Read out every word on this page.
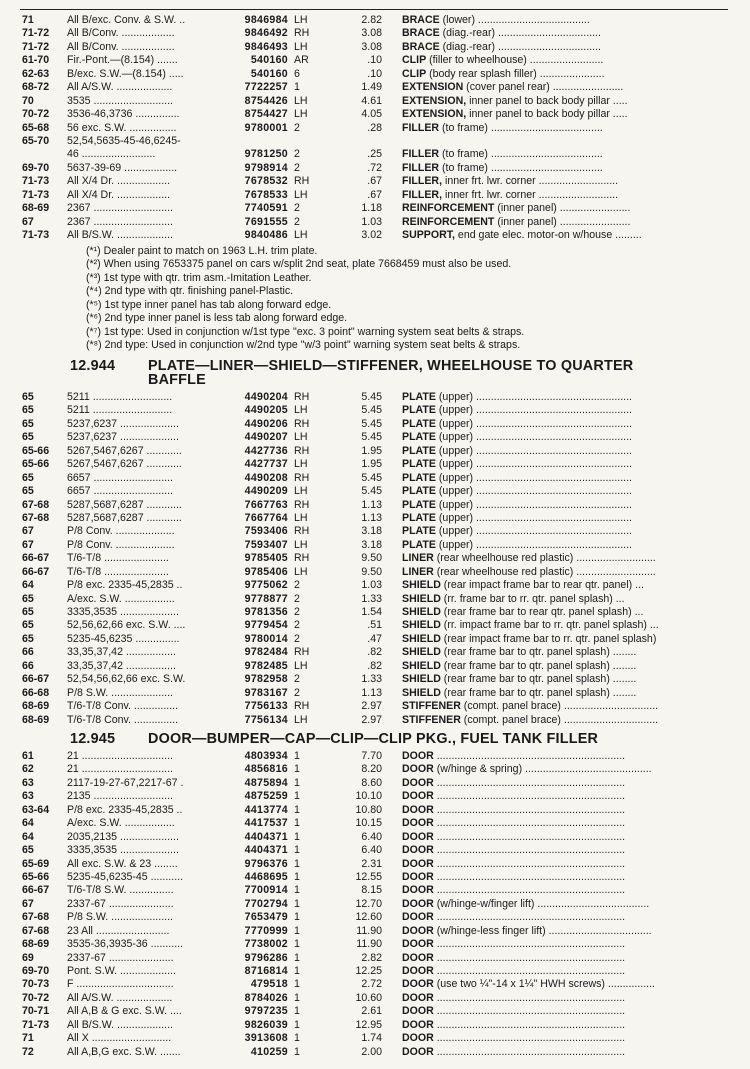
71	All B/exc. Conv. & S.W. ..	9846984 LH	2.82 BRACE (lower) ......................................
71-72 All B/Conv. ..................	9846492 RH	3.08 BRACE (diag.-rear) ...................................
71-72 All B/Conv. ..................	9846493 LH	3.08 BRACE (diag.-rear) ...................................
61-70 Fir.-Pont.—(8.154) .......	540160 AR	.10 CLIP (filler to wheelhouse) .........................
62-63 B/exc. S.W.—(8.154) .....	540160 6	.10 CLIP (body rear splash filler) ......................
68-72 All A/S.W. ...................	7722257 1	1.49 EXTENSION (cover panel rear) ........................
70	3535 ...........................	8754426 LH	4.61 EXTENSION, inner panel to back body pillar .....
70-72 3536-46,3736 ...............	8754427 LH	4.05 EXTENSION, inner panel to back body pillar .....
65-68 56 exc. S.W. ................	9780001 2	.28 FILLER (to frame) ......................................
65-70 52,54,5635-45-46,6245-
46 .........................	9781250 2	.25 FILLER (to frame) ......................................
69-70 5637-39-69 ..................	9798914 2	.72 FILLER (to frame) ......................................
71-73 All X/4 Dr. ..................	7678532 RH	.67 FILLER, inner frt. lwr. corner ...........................
71-73 All X/4 Dr. ..................	7678533 LH	.67 FILLER, inner frt. lwr. corner ...........................
68-69 2367 ...........................	7740591 2	1.18 REINFORCEMENT (inner panel) ........................
67	2367 ...........................	7691555 2	1.03 REINFORCEMENT (inner panel) ........................
71-73 All B/S.W. ...................	9840486 LH	3.02 SUPPORT, end gate elec. motor-on w/house .........
(*¹) Dealer paint to match on 1963 L.H. trim plate.
(*²) When using 7653375 panel on cars w/split 2nd seat, plate 7668459 must also be used.
(*³) 1st type with qtr. trim asm.-Imitation Leather.
(*⁴) 2nd type with qtr. finishing panel-Plastic.
(*⁵) 1st type inner panel has tab along forward edge.
(*⁶) 2nd type inner panel is less tab along forward edge.
(*⁷) 1st type: Used in conjunction w/1st type "exc. 3 point" warning system seat belts & straps.
(*⁸) 2nd type: Used in conjunction w/2nd type "w/3 point" warning system seat belts & straps.
12.944 PLATE—LINER—SHIELD—STIFFENER, WHEELHOUSE TO QUARTER
BAFFLE
65	5211 ...........................	4490204 RH	5.45 PLATE (upper) .....................................................
65	5211 ...........................	4490205 LH	5.45 PLATE (upper) .....................................................
65	5237,6237 ....................	4490206 RH	5.45 PLATE (upper) .....................................................
65	5237,6237 ....................	4490207 LH	5.45 PLATE (upper) .....................................................
65-66 5267,5467,6267 ............	4427736 RH	1.95 PLATE (upper) .....................................................
65-66 5267,5467,6267 ............	4427737 LH	1.95 PLATE (upper) .....................................................
65	6657 ...........................	4490208 RH	5.45 PLATE (upper) .....................................................
65	6657 ...........................	4490209 LH	5.45 PLATE (upper) .....................................................
67-68 5287,5687,6287 ............	7667763 RH	1.13 PLATE (upper) .....................................................
67-68 5287,5687,6287 ............	7667764 LH	1.13 PLATE (upper) .....................................................
67	P/8 Conv. ....................	7593406 RH	3.18 PLATE (upper) .....................................................
67	P/8 Conv. ....................	7593407 LH	3.18 PLATE (upper) .....................................................
66-67 T/6-T/8 ......................	9785405 RH	9.50 LINER (rear wheelhouse red plastic) ...........................
66-67 T/6-T/8 ......................	9785406 LH	9.50 LINER (rear wheelhouse red plastic) ...........................
64	P/8 exc. 2335-45,2835 ..	9775062 2	1.03 SHIELD (rear impact frame bar to rear qtr. panel) ...
65	A/exc. S.W. .................	9778877 2	1.33 SHIELD (rr. frame bar to rr. qtr. panel splash) ...
65	3335,3535 ....................	9781356 2	1.54 SHIELD (rear frame bar to rear qtr. panel splash) ...
65	52,56,62,66 exc. S.W. ....	9779454 2	.51 SHIELD (rr. impact frame bar to rr. qtr. panel splash) ...
65	5235-45,6235 ...............	9780014 2	.47 SHIELD (rear impact frame bar to rr. qtr. panel splash)
66	33,35,37,42 .................	9782484 RH	.82 SHIELD (rear frame bar to qtr. panel splash) ........
66	33,35,37,42 .................	9782485 LH	.82 SHIELD (rear frame bar to qtr. panel splash) ........
66-67 52,54,56,62,66 exc. S.W.	9782958 2	1.33 SHIELD (rear frame bar to qtr. panel splash) ........
66-68 P/8 S.W. .....................	9783167 2	1.13 SHIELD (rear frame bar to qtr. panel splash) ........
68-69 T/6-T/8 Conv. ...............	7756133 RH	2.97 STIFFENER (compt. panel brace) ................................
68-69 T/6-T/8 Conv. ...............	7756134 LH	2.97 STIFFENER (compt. panel brace) ................................
12.945 DOOR—BUMPER—CAP—CLIP—CLIP PKG., FUEL TANK FILLER
61	21 ...............................	4803934 1	7.70 DOOR ................................................................
62	21 ...............................	4856816 1	8.20 DOOR (w/hinge & spring) ...........................................
63	2117-19-27-67,2217-67 .	4875894 1	8.60 DOOR ................................................................
63	2135 ...........................	4875259 1	10.10 DOOR ................................................................
63-64 P/8 exc. 2335-45,2835 ..	4413774 1	10.80 DOOR ................................................................
64	A/exc. S.W. .................	4417537 1	10.15 DOOR ................................................................
64	2035,2135 ....................	4404371 1	6.40 DOOR ................................................................
65	3335,3535 ....................	4404371 1	6.40 DOOR ................................................................
65-69 All exc. S.W. & 23 ........	9796376 1	2.31 DOOR ................................................................
65-66 5235-45,6235-45 ...........	4468695 1	12.55 DOOR ................................................................
66-67 T/6-T/8 S.W. ...............	7700914 1	8.15 DOOR ................................................................
67	2337-67 ......................	7702794 1	12.70 DOOR (w/hinge-w/finger lift) ......................................
67-68 P/8 S.W. .....................	7653479 1	12.60 DOOR ................................................................
67-68 23 All .........................	7770999 1	11.90 DOOR (w/hinge-less finger lift) ...................................
68-69 3535-36,3935-36 ...........	7738002 1	11.90 DOOR ................................................................
69	2337-67 ......................	9796286 1	2.82 DOOR ................................................................
69-70 Pont. S.W. ...................	8716814 1	12.25 DOOR ................................................................
70-73 F .................................	479518 1	2.72 DOOR (use two ¼"-14 x 1¼" HWH screws) ................
70-72 All A/S.W. ...................	8784026 1	10.60 DOOR ................................................................
70-71 All A,B & G exc. S.W. ....	9797235 1	2.61 DOOR ................................................................
71-73 All B/S.W. ...................	9826039 1	12.95 DOOR ................................................................
71	All X ...........................	3913608 1	1.74 DOOR ................................................................
72	All A,B,G exc. S.W. .......	410259 1	2.00 DOOR ................................................................
